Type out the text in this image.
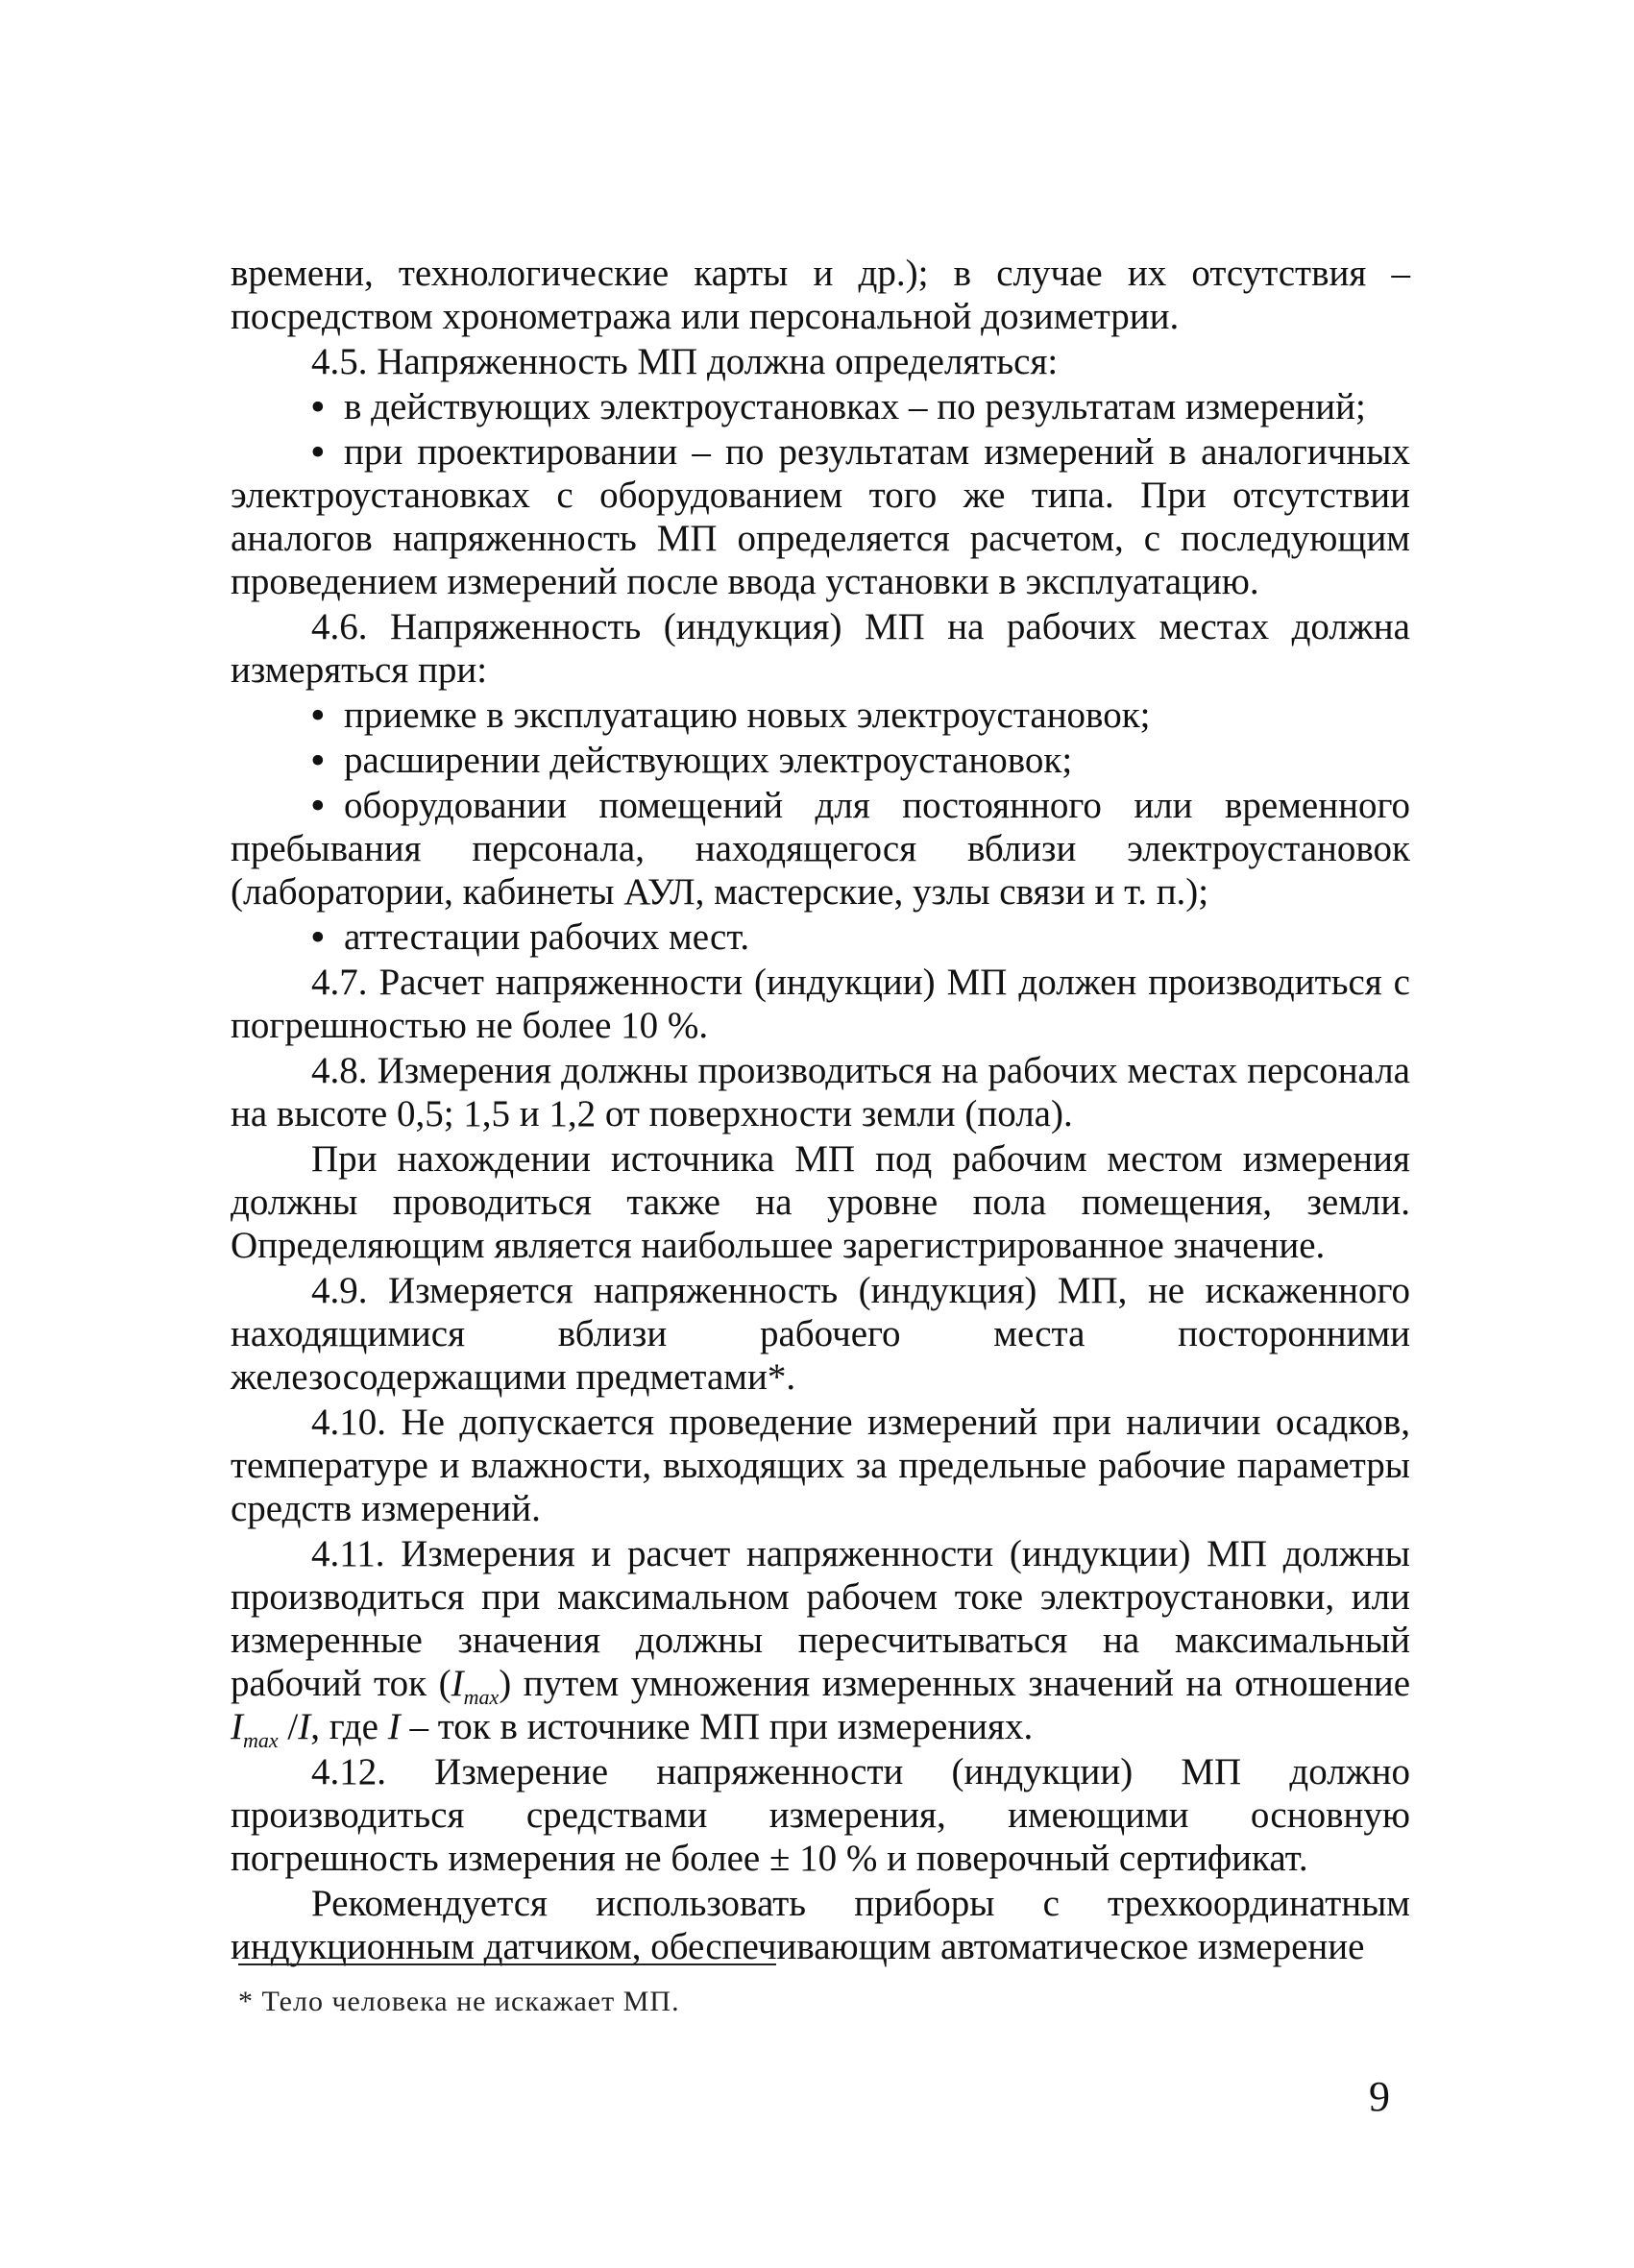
времени, технологические карты и др.); в случае их отсутствия – посредством хронометража или персональной дозиметрии.

4.5. Напряженность МП должна определяться:

• в действующих электроустановках – по результатам измерений;

• при проектировании – по результатам измерений в аналогичных электроустановках с оборудованием того же типа. При отсутствии аналогов напряженность МП определяется расчетом, с последующим проведением измерений после ввода установки в эксплуатацию.

4.6. Напряженность (индукция) МП на рабочих местах должна измеряться при:

• приемке в эксплуатацию новых электроустановок;

• расширении действующих электроустановок;

• оборудовании помещений для постоянного или временного пребывания персонала, находящегося вблизи электроустановок (лаборатории, кабинеты АУЛ, мастерские, узлы связи и т. п.);

• аттестации рабочих мест.

4.7. Расчет напряженности (индукции) МП должен производиться с погрешностью не более 10 %.

4.8. Измерения должны производиться на рабочих местах персонала на высоте 0,5; 1,5 и 1,2 от поверхности земли (пола).

При нахождении источника МП под рабочим местом измерения должны проводиться также на уровне пола помещения, земли. Определяющим является наибольшее зарегистрированное значение.

4.9. Измеряется напряженность (индукция) МП, не искаженного находящимися вблизи рабочего места посторонними железосодержащими предметами*.

4.10. Не допускается проведение измерений при наличии осадков, температуре и влажности, выходящих за предельные рабочие параметры средств измерений.

4.11. Измерения и расчет напряженности (индукции) МП должны производиться при максимальном рабочем токе электроустановки, или измеренные значения должны пересчитываться на максимальный рабочий ток $(I_{max})$ путем умножения измеренных значений на отношение $I_{max}$ /I, где I – ток в источнике МП при измерениях.

4.12. Измерение напряженности (индукции) МП должно производиться средствами измерения, имеющими основную погрешность измерения не более ± 10 % и поверочный сертификат.

Рекомендуется использовать приборы с трехкоординатным индукционным датчиком, обеспечивающим автоматическое измерение

* Тело человека не искажает МП.
9
